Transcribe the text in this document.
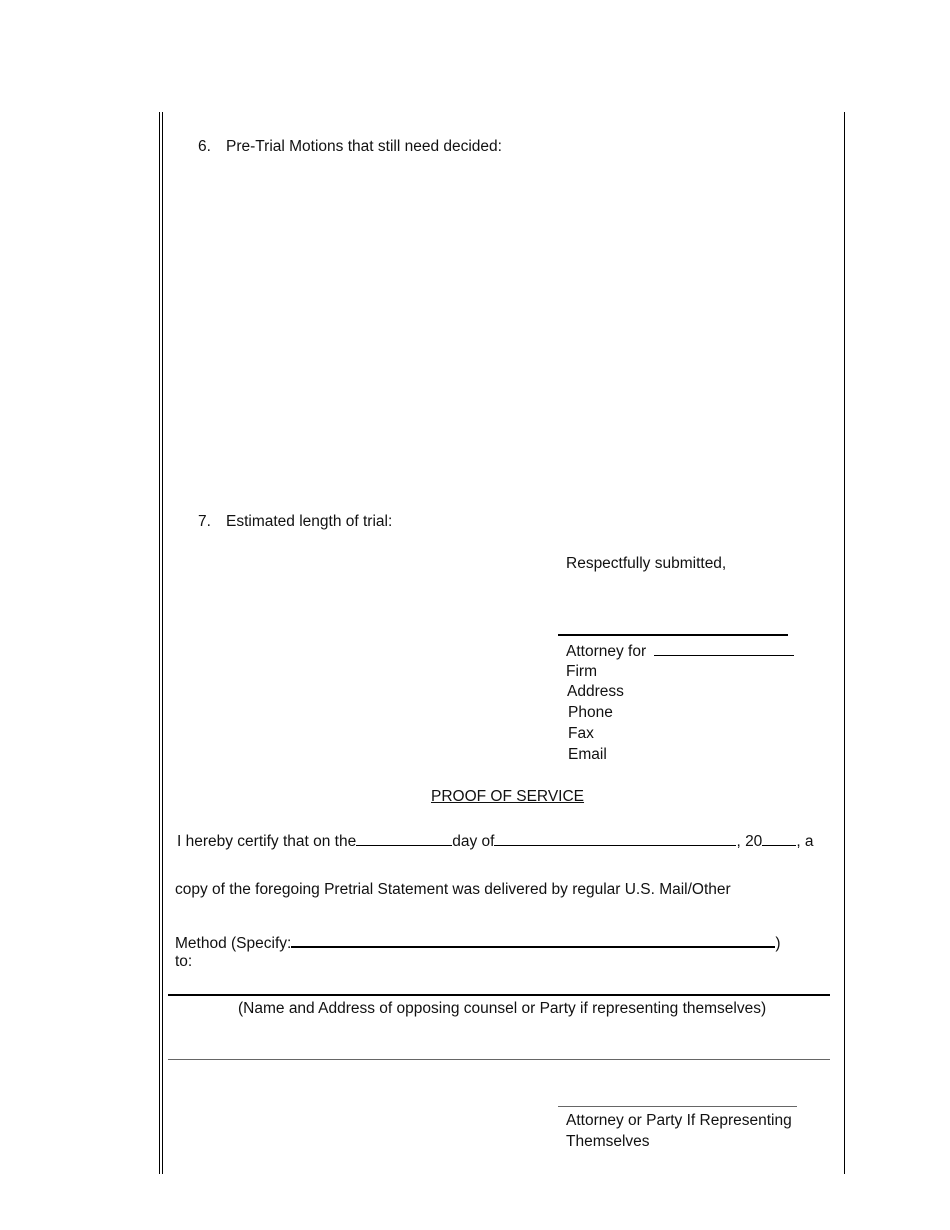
6. Pre-Trial Motions that still need decided:
7. Estimated length of trial:
Respectfully submitted,
Attorney for
Firm
Address
Phone
Fax
Email
PROOF OF SERVICE
I hereby certify that on the	day of	, 20 , a
copy of the foregoing Pretrial Statement was delivered by regular U.S. Mail/Other
Method (Specify:	)
to:
(Name and Address of opposing counsel or Party if representing themselves)
Attorney or Party If Representing
Themselves
